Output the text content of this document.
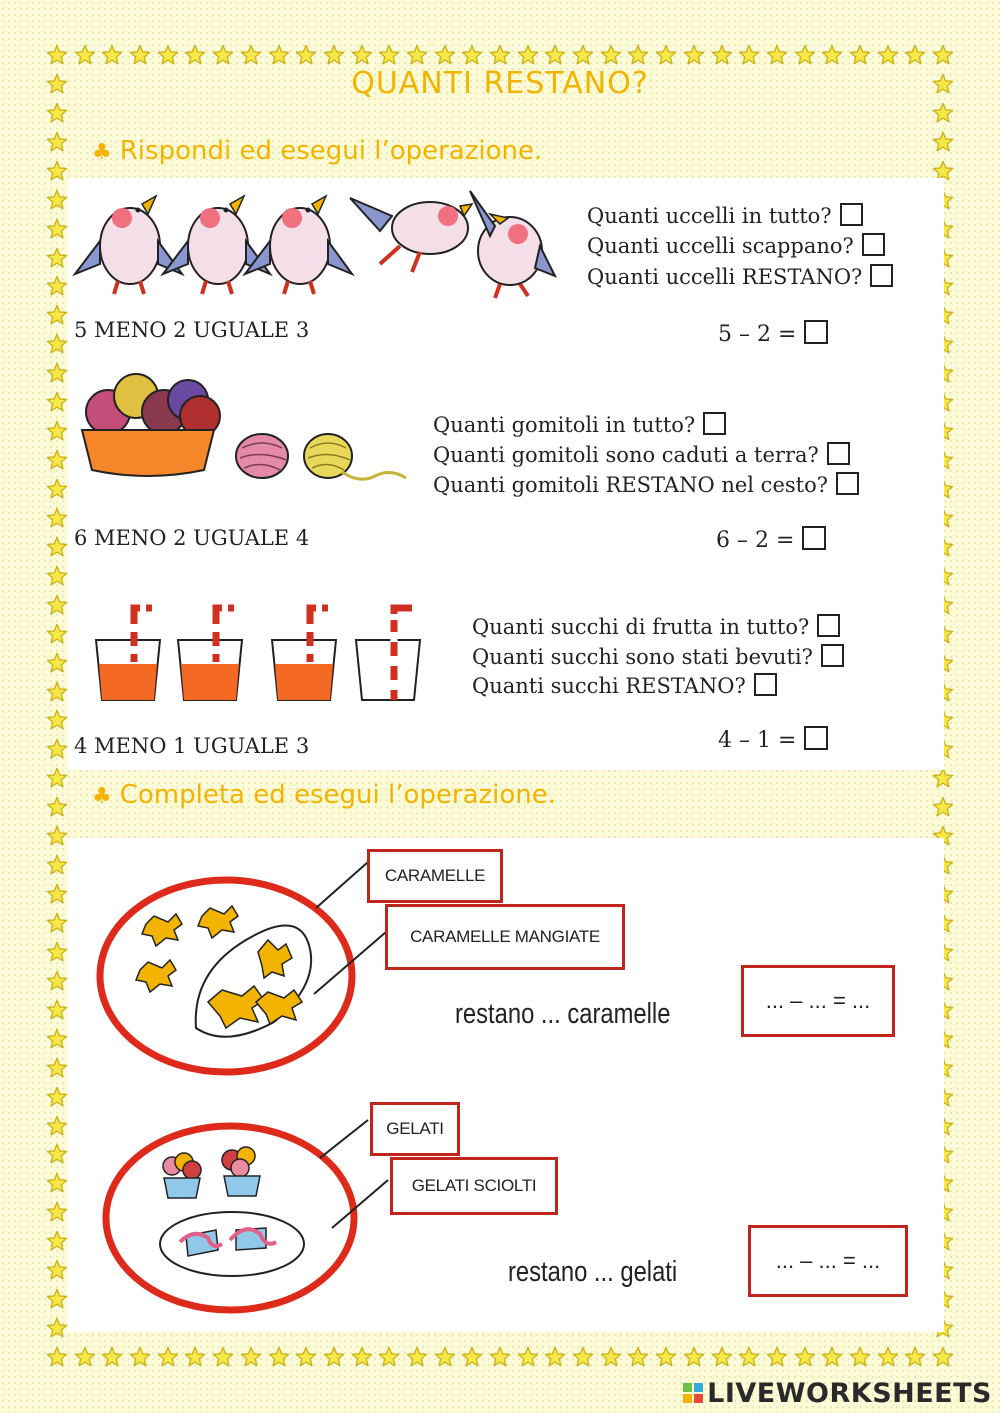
QUANTI RESTANO?
♣ Rispondi ed esegui l’operazione.
Quanti uccelli in tutto?
Quanti uccelli scappano?
Quanti uccelli RESTANO?
5 MENO 2 UGUALE 3	5 – 2 =
Quanti gomitoli in tutto?
Quanti gomitoli sono caduti a terra?
Quanti gomitoli RESTANO nel cesto?
6 MENO 2 UGUALE 4	6 – 2 =
Quanti succhi di frutta in tutto?
Quanti succhi sono stati bevuti?
Quanti succhi RESTANO?
4 MENO 1 UGUALE 3	4 – 1 =
♣ Completa ed esegui l’operazione.
CARAMELLE
CARAMELLE MANGIATE
restano ... caramelle	... – ... = ...
GELATI
GELATI SCIOLTI
restano ... gelati	... – ... = ...
LIVEWORKSHEETS
